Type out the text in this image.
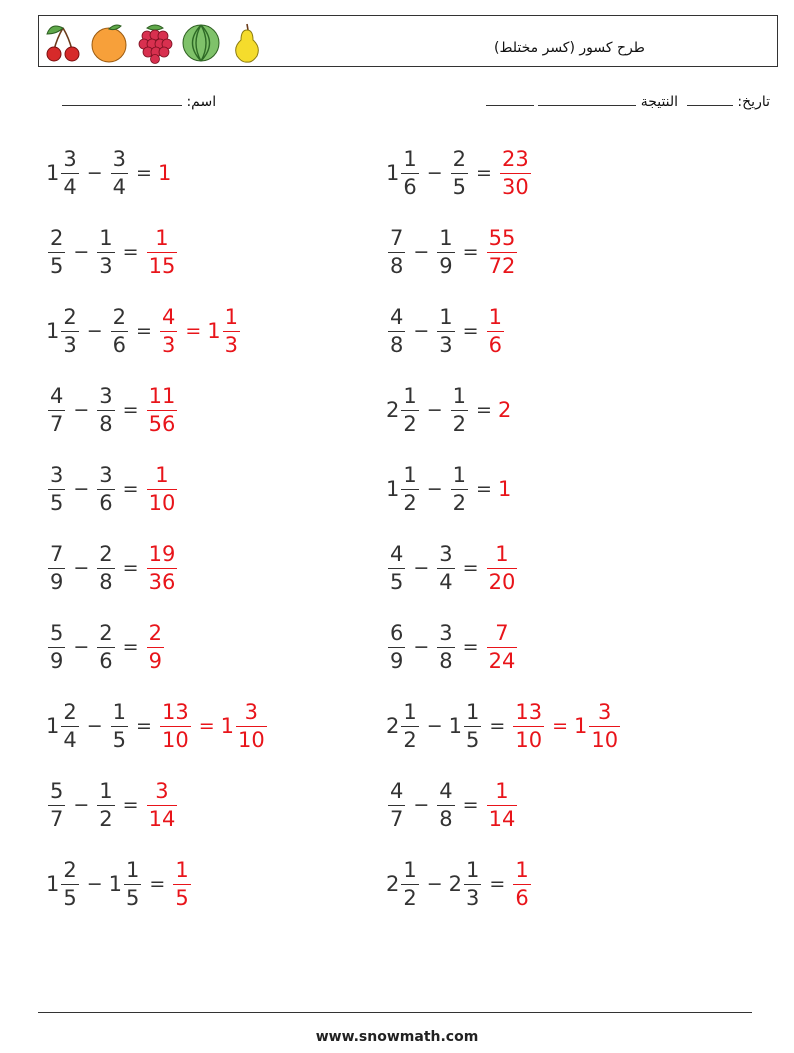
طرح كسور (كسر مختلط)
تاريخ:   النتيجة
اسم:
$1 \frac{3}{4} - \frac{3}{4} = 1$	$1 \frac{1}{6} - \frac{2}{5} = \frac{23}{30}$
$\frac{2}{5} - \frac{1}{3} = \frac{1}{15}$	$\frac{7}{8} - \frac{1}{9} = \frac{55}{72}$
$1 \frac{2}{3} - \frac{2}{6} = \frac{4}{3} = 1 \frac{1}{3}$	$\frac{4}{8} - \frac{1}{3} = \frac{1}{6}$
$\frac{4}{7} - \frac{3}{8} = \frac{11}{56}$	$2 \frac{1}{2} - \frac{1}{2} = 2$
$\frac{3}{5} - \frac{3}{6} = \frac{1}{10}$	$1 \frac{1}{2} - \frac{1}{2} = 1$
$\frac{7}{9} - \frac{2}{8} = \frac{19}{36}$	$\frac{4}{5} - \frac{3}{4} = \frac{1}{20}$
$\frac{5}{9} - \frac{2}{6} = \frac{2}{9}$	$\frac{6}{9} - \frac{3}{8} = \frac{7}{24}$
$1 \frac{2}{4} - \frac{1}{5} = \frac{13}{10} = 1 \frac{3}{10}$	$2 \frac{1}{2} - 1 \frac{1}{5} = \frac{13}{10} = 1 \frac{3}{10}$
$\frac{5}{7} - \frac{1}{2} = \frac{3}{14}$	$\frac{4}{7} - \frac{4}{8} = \frac{1}{14}$
$1 \frac{2}{5} - 1 \frac{1}{5} = \frac{1}{5}$	$2 \frac{1}{2} - 2 \frac{1}{3} = \frac{1}{6}$
www.snowmath.com
